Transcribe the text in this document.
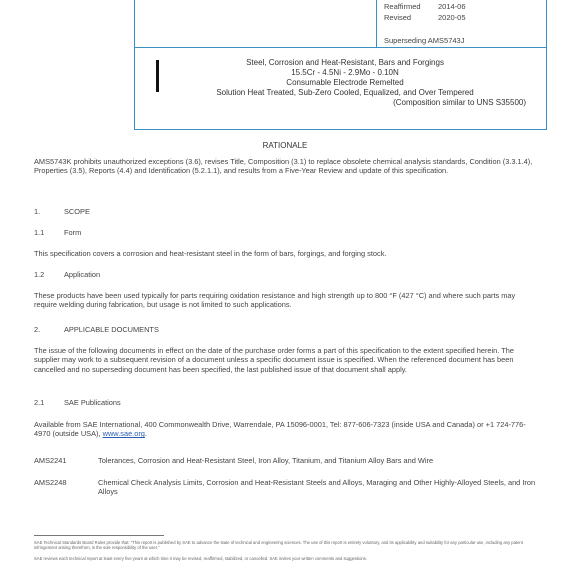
Reaffirmed 2014-06
Revised	2020-05
Superseding AMS5743J
Steel, Corrosion and Heat-Resistant, Bars and Forgings
15.5Cr - 4.5Ni - 2.9Mo - 0.10N
Consumable Electrode Remelted
Solution Heat Treated, Sub-Zero Cooled, Equalized, and Over Tempered
(Composition similar to UNS S35500)
RATIONALE
AMS5743K prohibits unauthorized exceptions (3.6), revises Title, Composition (3.1) to replace obsolete chemical analysis standards, Condition (3.3.1.4), Properties (3.5), Reports (4.4) and Identification (5.2.1.1), and results from a Five-Year Review and update of this specification.
1.	SCOPE
1.1	Form
This specification covers a corrosion and heat-resistant steel in the form of bars, forgings, and forging stock.
1.2	Application
These products have been used typically for parts requiring oxidation resistance and high strength up to 800 °F (427 °C) and where such parts may require welding during fabrication, but usage is not limited to such applications.
2.	APPLICABLE DOCUMENTS
The issue of the following documents in effect on the date of the purchase order forms a part of this specification to the extent specified herein. The supplier may work to a subsequent revision of a document unless a specific document issue is specified. When the referenced document has been cancelled and no superseding document has been specified, the last published issue of that document shall apply.
2.1	SAE Publications
Available from SAE International, 400 Commonwealth Drive, Warrendale, PA 15096-0001, Tel: 877-606-7323 (inside USA and Canada) or +1 724-776-4970 (outside USA), www.sae.org.
AMS2241	Tolerances, Corrosion and Heat-Resistant Steel, Iron Alloy, Titanium, and Titanium Alloy Bars and Wire
AMS2248	Chemical Check Analysis Limits, Corrosion and Heat-Resistant Steels and Alloys, Maraging and Other Highly-Alloyed Steels, and Iron Alloys
SAE Technical Standards Board Rules provide that: "This report is published by SAE to advance the state of technical and engineering sciences. The use of this report is entirely voluntary, and its applicability and suitability for any particular use, including any patent infringement arising therefrom, is the sole responsibility of the user."
SAE reviews each technical report at least every five years at which time it may be revised, reaffirmed, stabilized, or cancelled. SAE invites your written comments and suggestions.
